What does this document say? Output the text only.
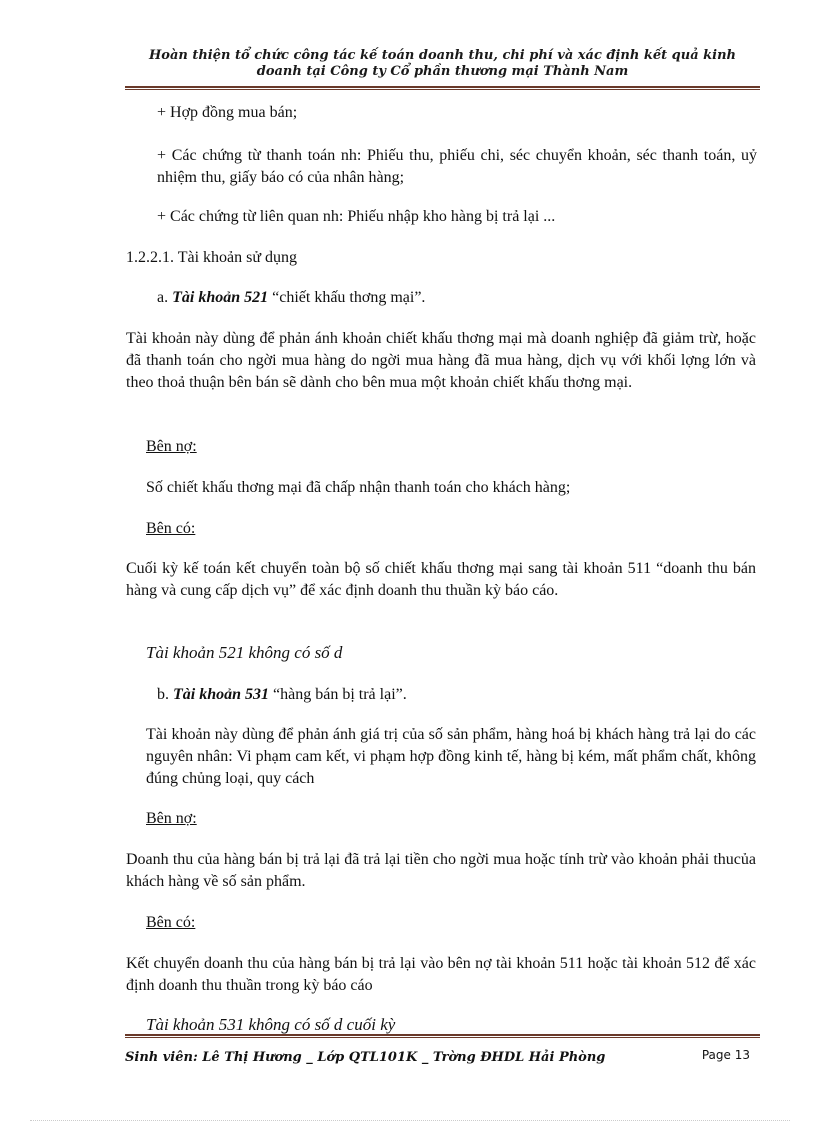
Hoàn thiện tổ chức công tác kế toán doanh thu, chi phí và xác định kết quả kinh
doanh tại Công ty Cổ phần thương mại Thành Nam

+ Hợp đồng mua bán;

+ Các chứng từ thanh toán nh: Phiếu thu, phiếu chi, séc chuyển khoản, séc thanh toán, uỷ nhiệm thu, giấy báo có của nhân hàng;

+ Các chứng từ liên quan nh: Phiếu nhập kho hàng bị trả lại ...

1.2.2.1. Tài khoản sử dụng

a. Tài khoản 521 “chiết khấu thơng mại”.

Tài khoản này dùng để phản ánh khoản chiết khấu thơng mại mà doanh nghiệp đã giảm trừ, hoặc đã thanh toán cho ngời mua hàng do ngời mua hàng đã mua hàng, dịch vụ với khối lợng lớn và theo thoả thuận bên bán sẽ dành cho bên mua một khoản chiết khấu thơng mại.

Bên nợ:

Số chiết khấu thơng mại đã chấp nhận thanh toán cho khách hàng;

Bên có:

Cuối kỳ kế toán kết chuyển toàn bộ số chiết khấu thơng mại sang tài khoản 511 “doanh thu bán hàng và cung cấp dịch vụ” để xác định doanh thu thuần kỳ báo cáo.

Tài khoản 521 không có số d

b. Tài khoản 531 “hàng bán bị trả lại”.

Tài khoản này dùng để phản ánh giá trị của số sản phẩm, hàng hoá bị khách hàng trả lại do các nguyên nhân: Vi phạm cam kết, vi phạm hợp đồng kinh tế, hàng bị kém, mất phẩm chất, không đúng chủng loại, quy cách

Bên nợ:

Doanh thu của hàng bán bị trả lại đã trả lại tiền cho ngời mua hoặc tính trừ vào khoản phải thucủa khách hàng về số sản phẩm.

Bên có:

Kết chuyển doanh thu của hàng bán bị trả lại vào bên nợ tài khoản 511 hoặc tài khoản 512 để xác định doanh thu thuần trong kỳ báo cáo

Tài khoản 531 không có số d cuối kỳ

Sinh viên: Lê Thị Hương _ Lớp QTL101K _ Trờng ĐHDL Hải Phòng	Page 13
